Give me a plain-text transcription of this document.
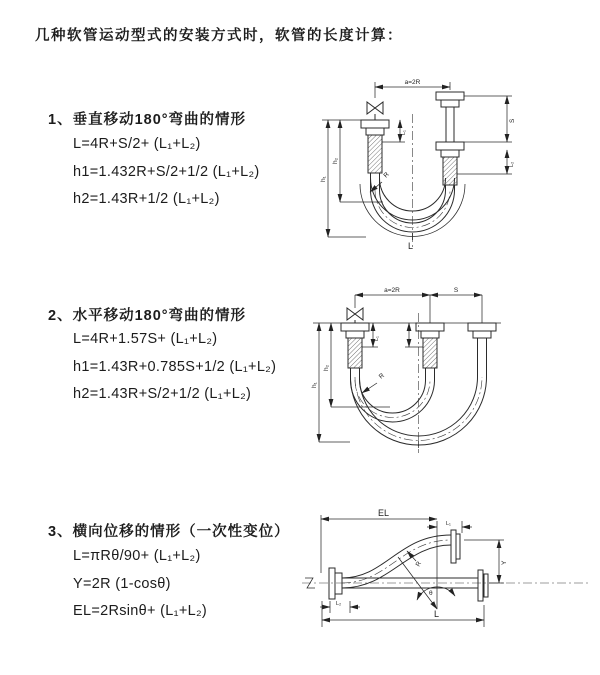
几种软管运动型式的安装方式时，软管的长度计算：
1、垂直移动180°弯曲的情形
L=4R+S/2+ (L₁+L₂)
h1=1.432R+S/2+1/2 (L₁+L₂)
h2=1.43R+1/2 (L₁+L₂)
a=2R
L
h₁
h₂
L₁
S
L₂
R
2、水平移动180°弯曲的情形
L=4R+1.57S+ (L₁+L₂)
h1=1.43R+0.785S+1/2 (L₁+L₂)
h2=1.43R+S/2+1/2 (L₁+L₂)
a=2R	S
h₁
h₂
L₁
R
3、横向位移的情形（一次性变位）
L=πRθ/90+ (L₁+L₂)
Y=2R (1-cosθ)
EL=2Rsinθ+ (L₁+L₂)
θ
R
EL
L₁
Y
L₂
L
